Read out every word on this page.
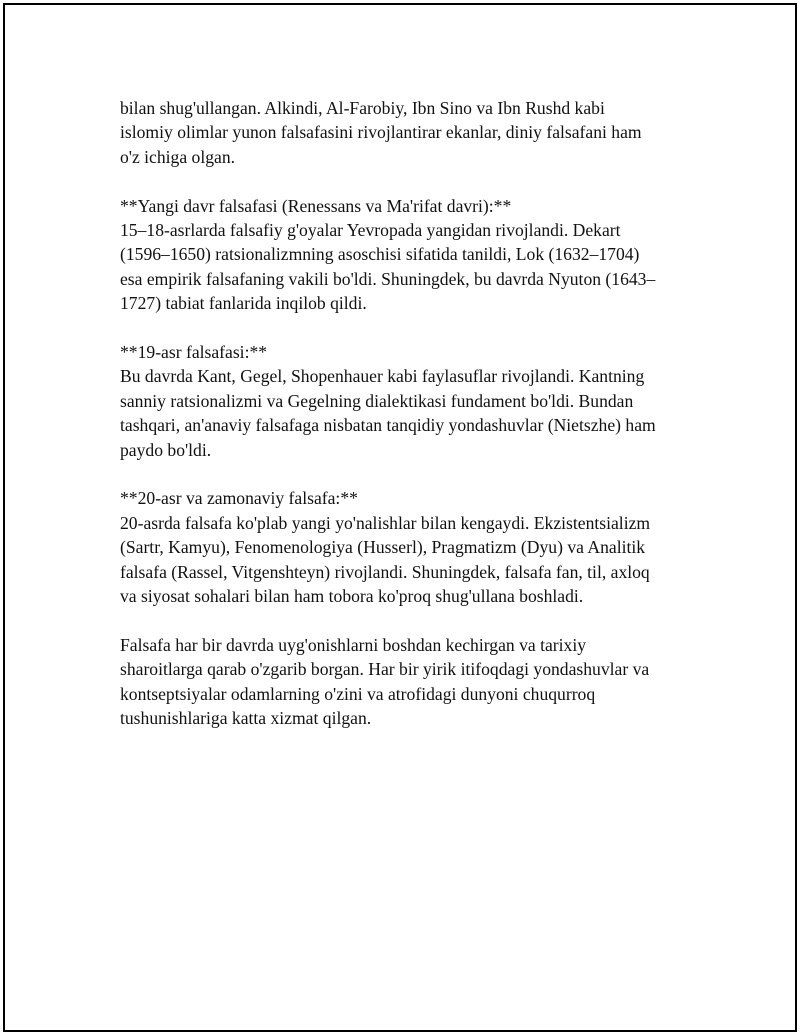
bilan shug'ullangan. Alkindi, Al-Farobiy, Ibn Sino va Ibn Rushd kabi
islomiy olimlar yunon falsafasini rivojlantirar ekanlar, diniy falsafani ham
o'z ichiga olgan.

**Yangi davr falsafasi (Renessans va Ma'rifat davri):**
15–18-asrlarda falsafiy g'oyalar Yevropada yangidan rivojlandi. Dekart
(1596–1650) ratsionalizmning asoschisi sifatida tanildi, Lok (1632–1704)
esa empirik falsafaning vakili bo'ldi. Shuningdek, bu davrda Nyuton (1643–
1727) tabiat fanlarida inqilob qildi.

**19-asr falsafasi:**
Bu davrda Kant, Gegel, Shopenhauer kabi faylasuflar rivojlandi. Kantning
sanniy ratsionalizmi va Gegelning dialektikasi fundament bo'ldi. Bundan
tashqari, an'anaviy falsafaga nisbatan tanqidiy yondashuvlar (Nietszhe) ham
paydo bo'ldi.

**20-asr va zamonaviy falsafa:**
20-asrda falsafa ko'plab yangi yo'nalishlar bilan kengaydi. Ekzistentsializm
(Sartr, Kamyu), Fenomenologiya (Husserl), Pragmatizm (Dyu) va Analitik
falsafa (Rassel, Vitgenshteyn) rivojlandi. Shuningdek, falsafa fan, til, axloq
va siyosat sohalari bilan ham tobora ko'proq shug'ullana boshladi.

Falsafa har bir davrda uyg'onishlarni boshdan kechirgan va tarixiy
sharoitlarga qarab o'zgarib borgan. Har bir yirik itifoqdagi yondashuvlar va
kontseptsiyalar odamlarning o'zini va atrofidagi dunyoni chuqurroq
tushunishlariga katta xizmat qilgan.
